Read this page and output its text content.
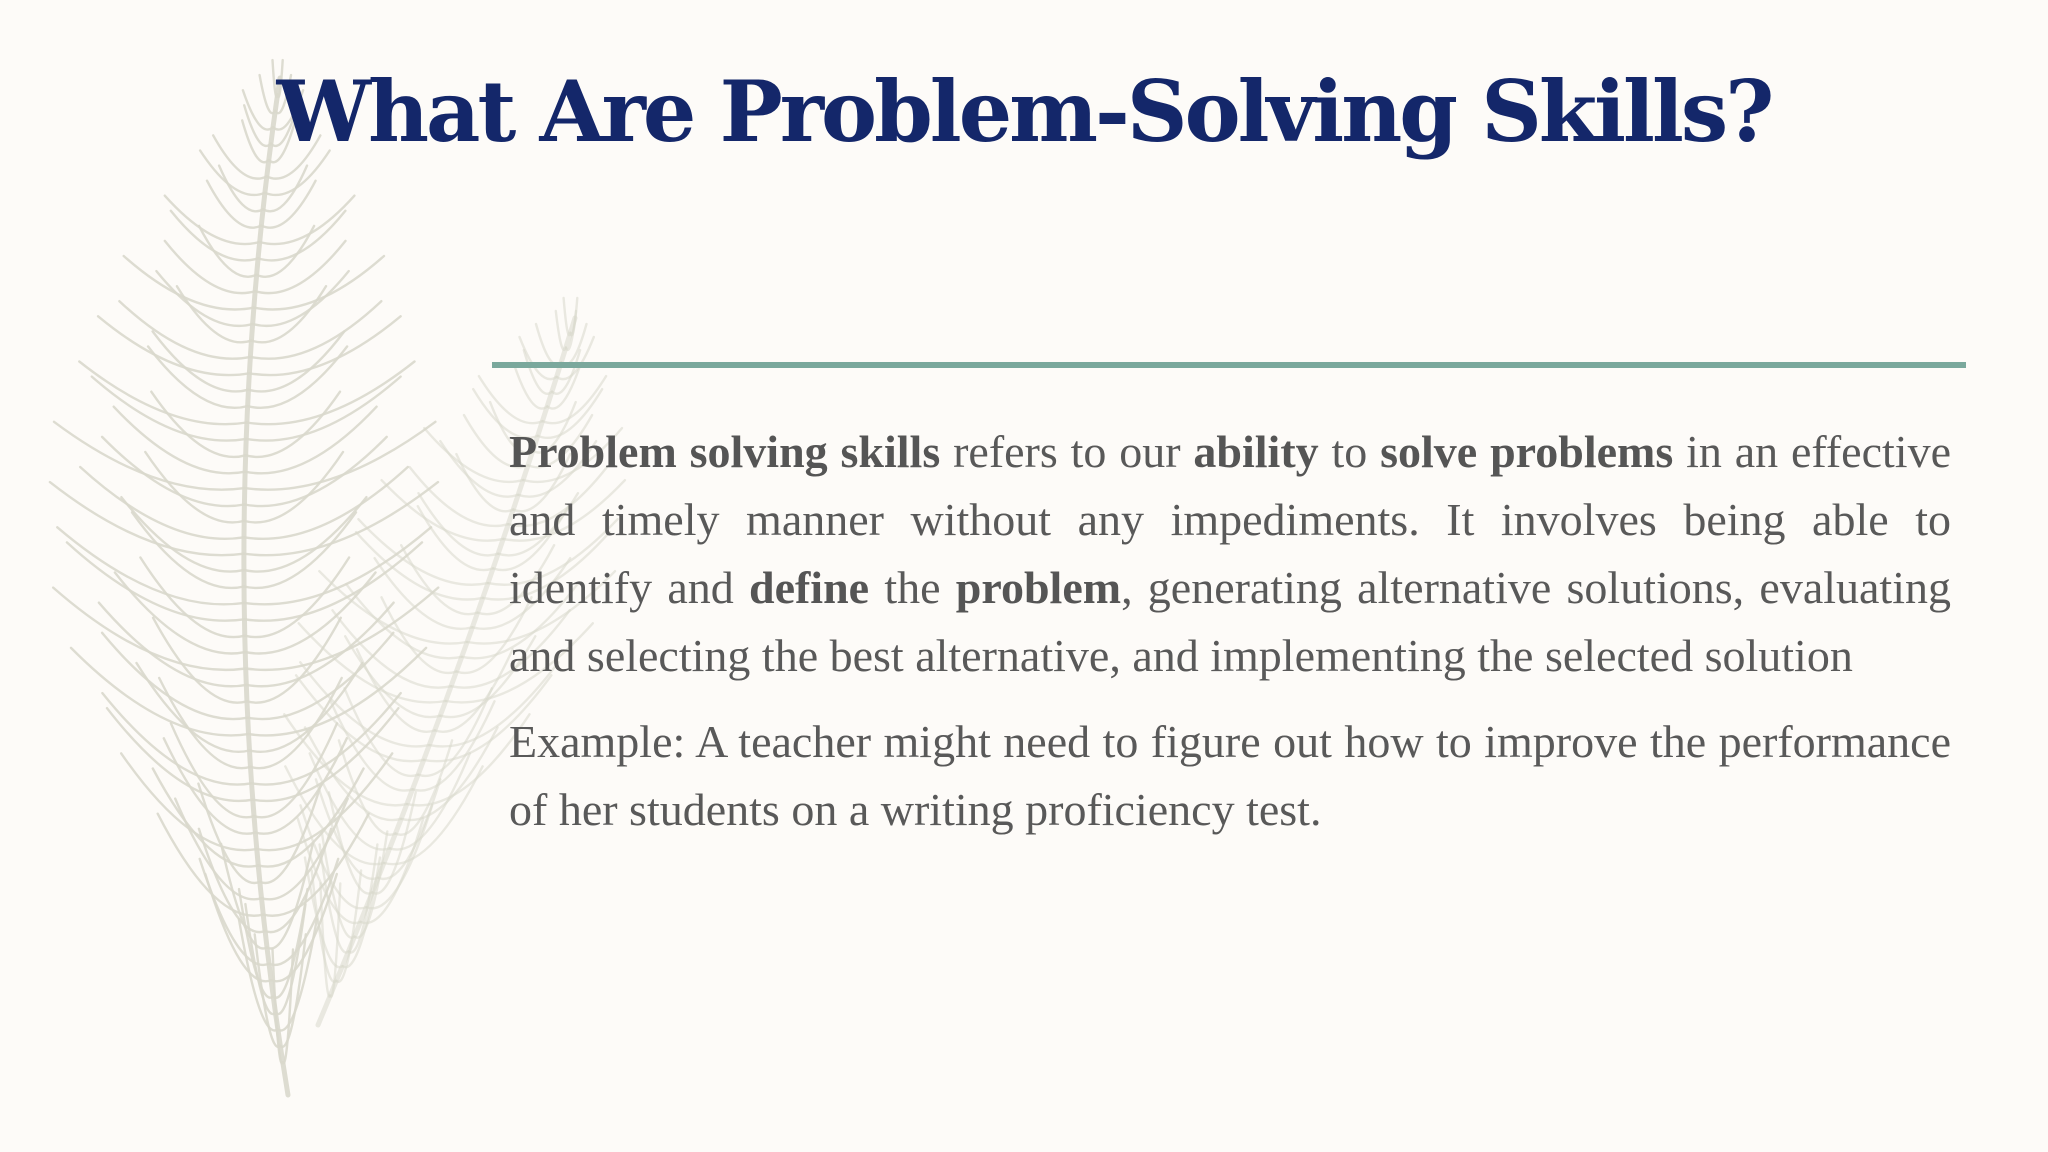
What Are Problem-Solving Skills?

Problem solving skills refers to our ability to solve problems in an effective and timely manner without any impediments. It involves being able to identify and define the problem, generating alternative solutions, evaluating and selecting the best alternative, and implementing the selected solution

Example: A teacher might need to figure out how to improve the performance of her students on a writing proficiency test.
